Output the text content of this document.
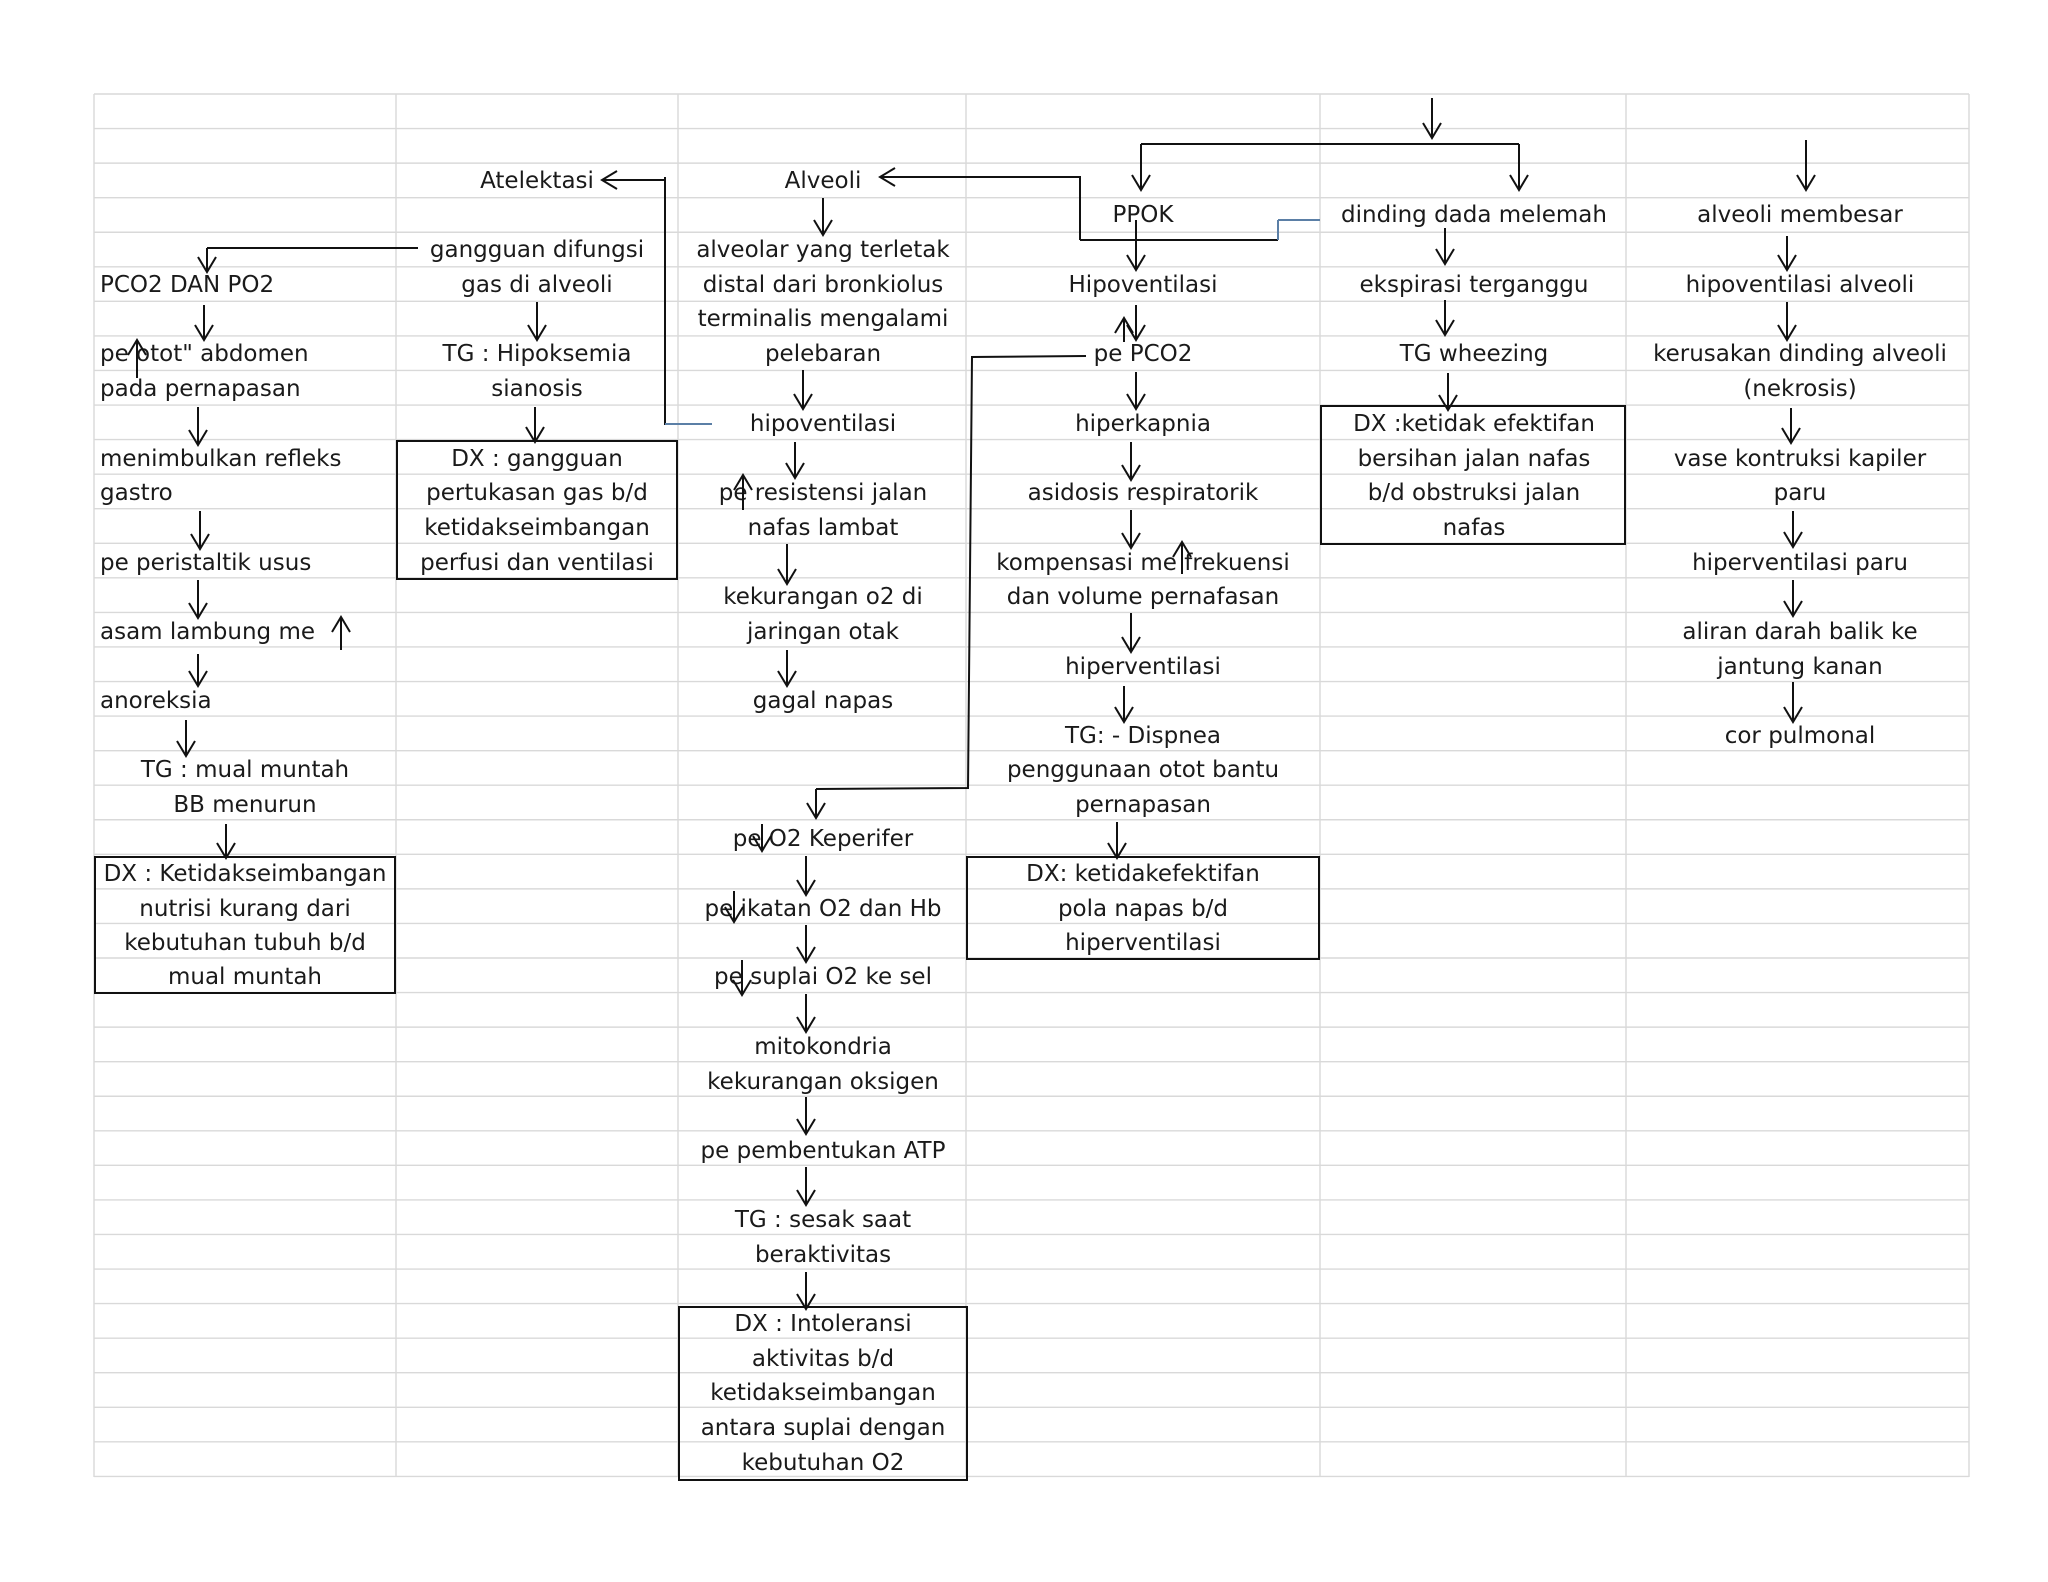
PCO2 DAN PO2
pe otot" abdomen
pada pernapasan
menimbulkan refleks
gastro
pe peristaltik usus
asam lambung me
anoreksia
TG : mual muntah
BB menurun
DX : Ketidakseimbangan
nutrisi kurang dari
kebutuhan tubuh b/d
mual muntah
Atelektasi
gangguan difungsi
gas di alveoli
TG : Hipoksemia
sianosis
DX : gangguan
pertukasan gas b/d
ketidakseimbangan
perfusi dan ventilasi
Alveoli
alveolar yang terletak
distal dari bronkiolus
terminalis mengalami
pelebaran
hipoventilasi
pe resistensi jalan
nafas lambat
kekurangan o2 di
jaringan otak
gagal napas
pe O2 Keperifer
pe ikatan O2 dan Hb
pe suplai O2 ke sel
mitokondria
kekurangan oksigen
pe pembentukan ATP
TG : sesak saat
beraktivitas
DX : Intoleransi
aktivitas b/d
ketidakseimbangan
antara suplai dengan
kebutuhan O2
PPOK
Hipoventilasi
pe PCO2
hiperkapnia
asidosis respiratorik
kompensasi me frekuensi
dan volume pernafasan
hiperventilasi
TG: - Dispnea
penggunaan otot bantu
pernapasan
DX: ketidakefektifan
pola napas b/d
hiperventilasi
dinding dada melemah
ekspirasi terganggu
TG wheezing
DX :ketidak efektifan
bersihan jalan nafas
b/d obstruksi jalan
nafas
alveoli membesar
hipoventilasi alveoli
kerusakan dinding alveoli
(nekrosis)
vase kontruksi kapiler
paru
hiperventilasi paru
aliran darah balik ke
jantung kanan
cor pulmonal
